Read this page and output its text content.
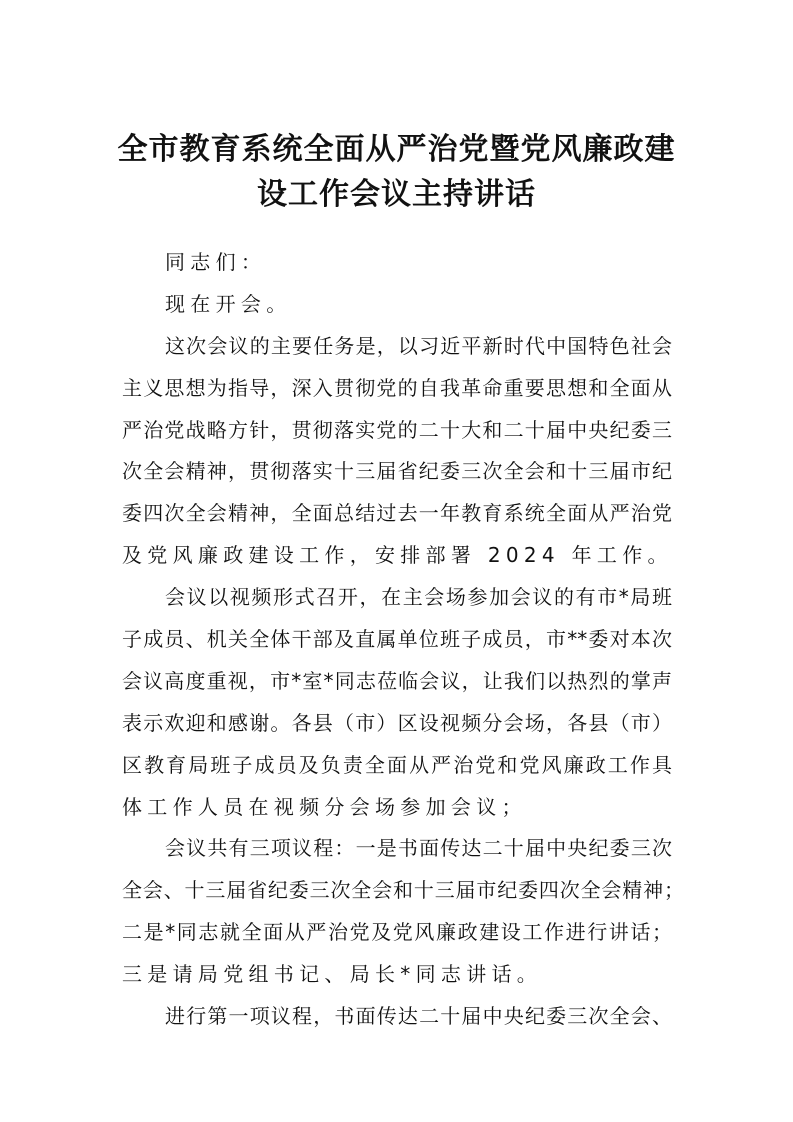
全市教育系统全面从严治党暨党风廉政建
设工作会议主持讲话
同志们：
现在开会。
这次会议的主要任务是，以习近平新时代中国特色社会
主义思想为指导，深入贯彻党的自我革命重要思想和全面从
严治党战略方针，贯彻落实党的二十大和二十届中央纪委三
次全会精神，贯彻落实十三届省纪委三次全会和十三届市纪
委四次全会精神，全面总结过去一年教育系统全面从严治党
及党风廉政建设工作，安排部署 2024 年工作。
会议以视频形式召开，在主会场参加会议的有市*局班
子成员、机关全体干部及直属单位班子成员，市**委对本次
会议高度重视，市*室*同志莅临会议，让我们以热烈的掌声
表示欢迎和感谢。各县（市）区设视频分会场，各县（市）
区教育局班子成员及负责全面从严治党和党风廉政工作具
体工作人员在视频分会场参加会议；
会议共有三项议程：一是书面传达二十届中央纪委三次
全会、十三届省纪委三次全会和十三届市纪委四次全会精神；
二是*同志就全面从严治党及党风廉政建设工作进行讲话；
三是请局党组书记、局长*同志讲话。
进行第一项议程，书面传达二十届中央纪委三次全会、
